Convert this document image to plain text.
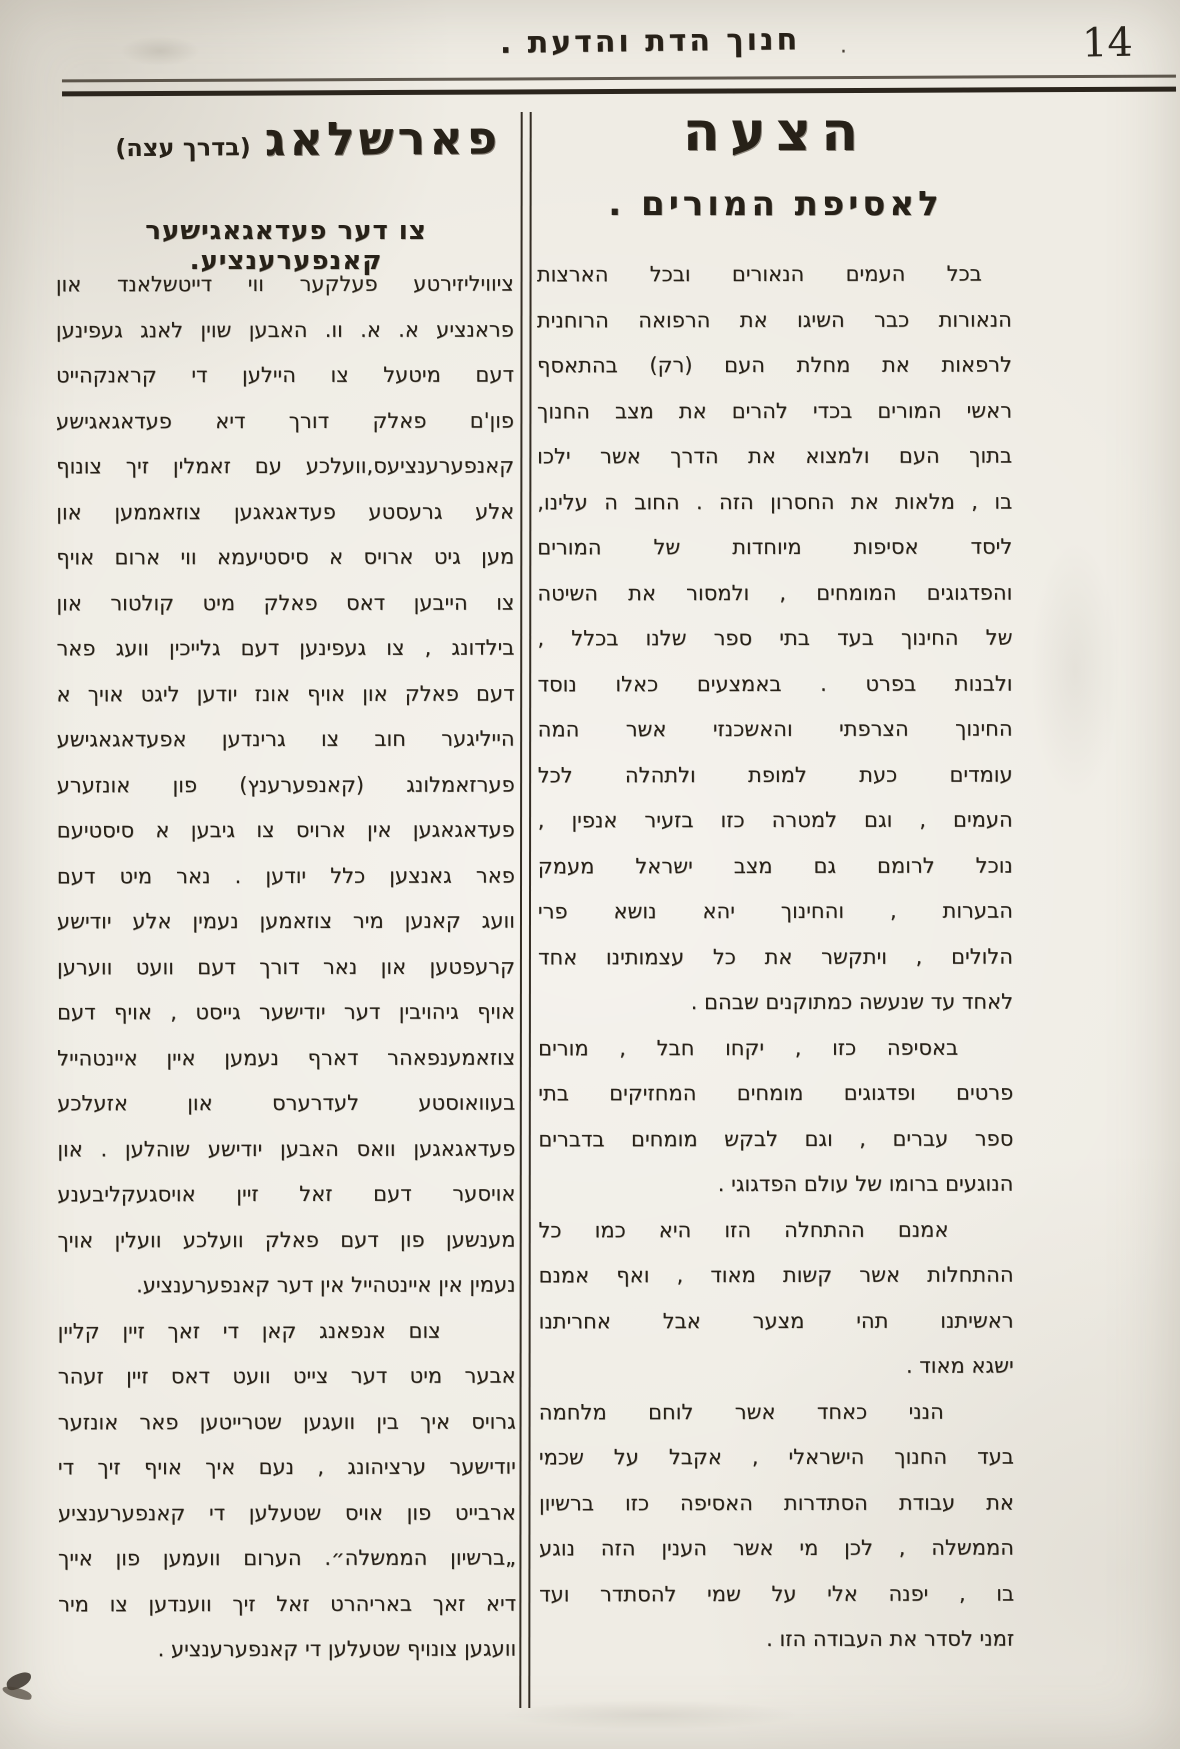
חנוך הדת והדעת .	·	14
הצעה
לאסיפת המורים .
בכל העמים הנאורים ובכל הארצות
הנאורות כבר השיגו את הרפואה הרוחנית
לרפאות את מחלת העם (רק) בהתאסף
ראשי המורים בכדי להרים את מצב החנוך
בתוך העם ולמצוא את הדרך אשר ילכו
בו , מלאות את החסרון הזה . החוב ה עלינו,
ליסד אסיפות מיוחדות של המורים
והפדגוגים המומחים , ולמסור את השיטה
של החינוך בעד בתי ספר שלנו בכלל ,
ולבנות בפרט . באמצעים כאלו נוסד
החינוך הצרפתי והאשכנזי אשר המה
עומדים כעת למופת ולתהלה לכל
העמים , וגם למטרה כזו בזעיר אנפין ,
נוכל לרומם גם מצב ישראל מעמק
הבערות , והחינוך יהא נושא פרי
הלולים , ויתקשר את כל עצמותינו אחד
לאחד עד שנעשה כמתוקנים שבהם .
באסיפה כזו , יקחו חבל , מורים
פרטים ופדגוגים מומחים המחזיקים בתי
ספר עברים , וגם לבקש מומחים בדברים
הנוגעים ברומו של עולם הפדגוגי .
אמנם ההתחלה הזו היא כמו כל
ההתחלות אשר קשות מאוד , ואף אמנם
ראשיתנו תהי מצער אבל אחריתנו
ישגא מאוד .
הנני כאחד אשר לוחם מלחמה
בעד החנוך הישראלי , אקבל על שכמי
את עבודת הסתדרות האסיפה כזו ברשיון
הממשלה , לכן מי אשר הענין הזה נוגע
בו , יפנה אלי על שמי להסתדר ועד
זמני לסדר את העבודה הזו .
פארשלאג(בדרך עצה)
צו דער פעדאגאגישער קאנפערענציע.
ציוויליזירטע פעלקער ווי דייטשלאנד און
פראנציע א. א. וו. האבען שוין לאנג געפינען
דעם מיטעל צו היילען די קראנקהייט
פון'ם פאלק דורך דיא פעדאגאגישע
קאנפערענציעס,וועלכע עם זאמלין זיך צונוף
אלע גרעסטע פעדאגאגען צוזאממען און
מען גיט ארויס א סיסטיעמא ווי ארום אויף
צו הייבען דאס פאלק מיט קולטור און
בילדונג , צו געפינען דעם גלייכין וועג פאר
דעם פאלק און אויף אונז יודען ליגט אויך א
הייליגער חוב צו גרינדען אפעדאגאגישע
פערזאמלונג (קאנפערענץ) פון אונזערע
פעדאגאגען אין ארויס צו גיבען א סיסטיעם
פאר גאנצען כלל יודען . נאר מיט דעם
וועג קאנען מיר צוזאמען נעמין אלע יודישע
קרעפטען און נאר דורך דעם וועט ווערען
אויף גיהויבין דער יודישער גייסט , אויף דעם
צוזאמענפאהר דארף נעמען איין איינטהייל
בעוואוסטע לעדרערס און אזעלכע
פעדאגאגען וואס האבען יודישע שוהלען . און
אויסער דעם זאל זיין אויסגעקליבענע
מענשען פון דעם פאלק וועלכע וועלין אויך
נעמין אין איינטהייל אין דער קאנפערענציע.
צום אנפאנג קאן די זאך זיין קליין
אבער מיט דער צייט וועט דאס זיין זעהר
גרויס איך בין וועגען שטרייטען פאר אונזער
יודישער ערציהונג , נעם איך אויף זיך די
ארבייט פון אויס שטעלען די קאנפערענציע
„ברשיון הממשלה״. הערום וועמען פון אייך
דיא זאך באריהרט זאל זיך ווענדען צו מיר
וועגען צונויף שטעלען די קאנפערענציע .
